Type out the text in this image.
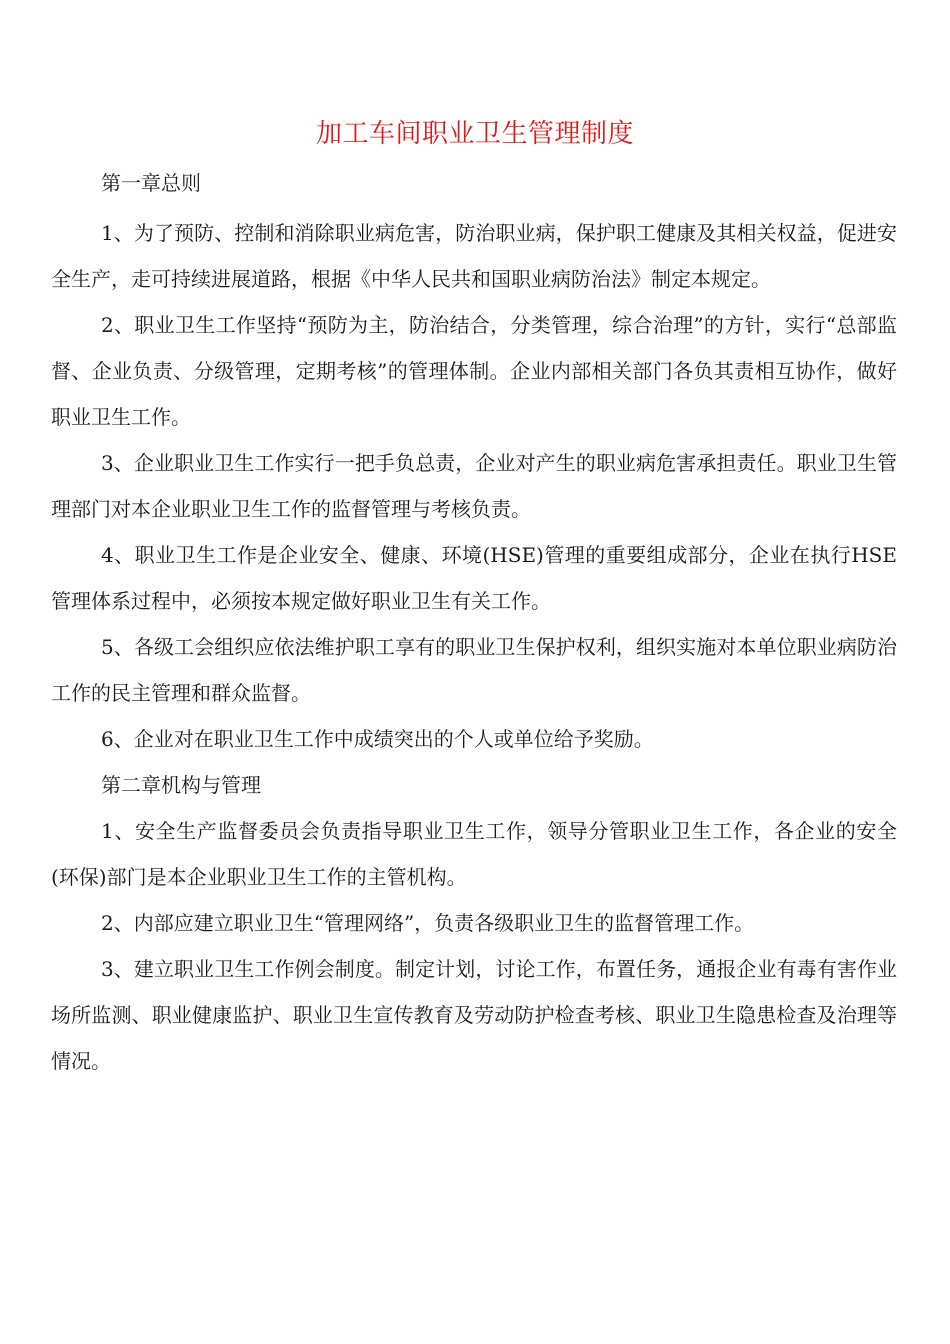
加工车间职业卫生管理制度

第一章总则

1、为了预防、控制和消除职业病危害，防治职业病，保护职工健康及其相关权益，促进安全生产，走可持续进展道路，根据《中华人民共和国职业病防治法》制定本规定。

2、职业卫生工作坚持“预防为主，防治结合，分类管理，综合治理”的方针，实行“总部监督、企业负责、分级管理，定期考核”的管理体制。企业内部相关部门各负其责相互协作，做好职业卫生工作。

3、企业职业卫生工作实行一把手负总责，企业对产生的职业病危害承担责任。职业卫生管理部门对本企业职业卫生工作的监督管理与考核负责。

4、职业卫生工作是企业安全、健康、环境(HSE)管理的重要组成部分，企业在执行HSE管理体系过程中，必须按本规定做好职业卫生有关工作。

5、各级工会组织应依法维护职工享有的职业卫生保护权利，组织实施对本单位职业病防治工作的民主管理和群众监督。

6、企业对在职业卫生工作中成绩突出的个人或单位给予奖励。

第二章机构与管理

1、安全生产监督委员会负责指导职业卫生工作，领导分管职业卫生工作，各企业的安全(环保)部门是本企业职业卫生工作的主管机构。

2、内部应建立职业卫生“管理网络”，负责各级职业卫生的监督管理工作。

3、建立职业卫生工作例会制度。制定计划，讨论工作，布置任务，通报企业有毒有害作业场所监测、职业健康监护、职业卫生宣传教育及劳动防护检查考核、职业卫生隐患检查及治理等情况。
